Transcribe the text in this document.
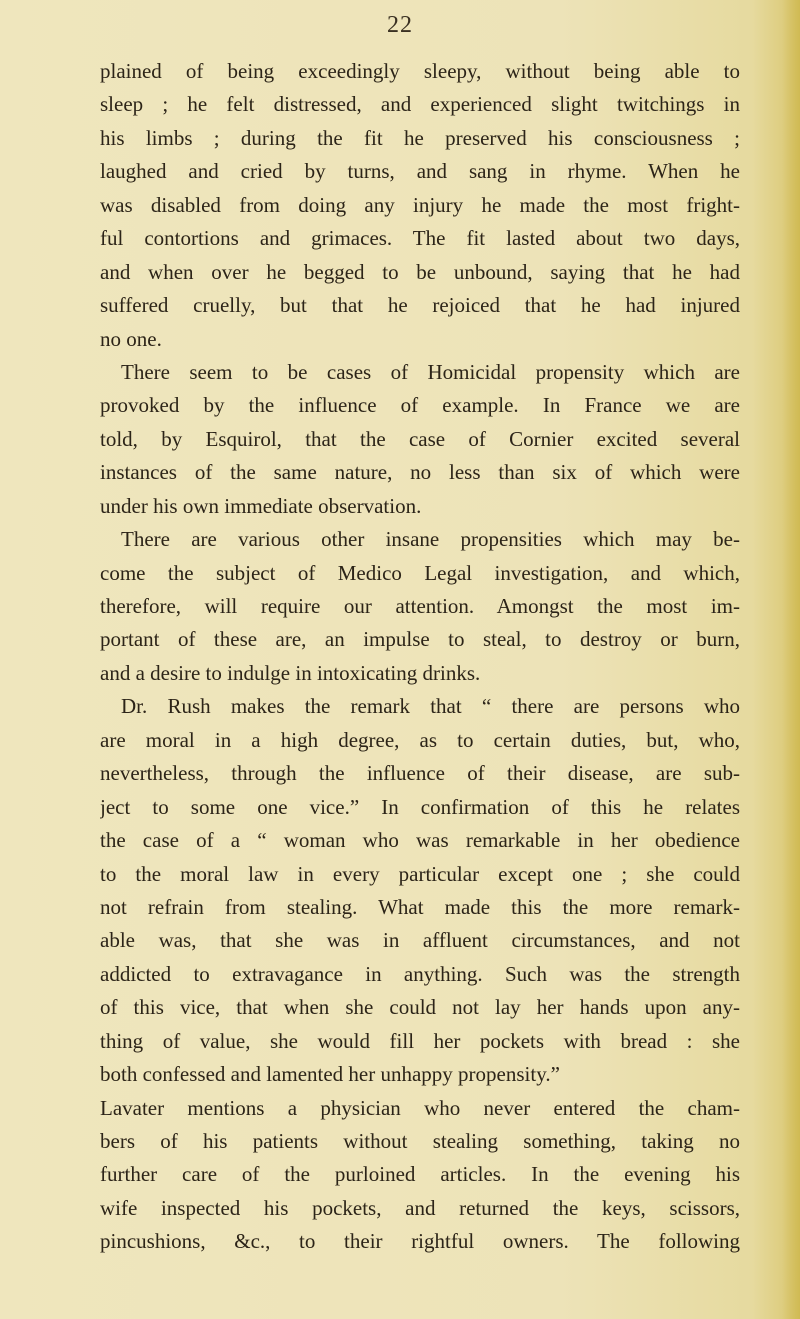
22
plained of being exceedingly sleepy, without being able to
sleep ; he felt distressed, and experienced slight twitchings in
his limbs ; during the fit he preserved his consciousness ;
laughed and cried by turns, and sang in rhyme. When he
was disabled from doing any injury he made the most fright-
ful contortions and grimaces. The fit lasted about two days,
and when over he begged to be unbound, saying that he had
suffered cruelly, but that he rejoiced that he had injured
no one.
There seem to be cases of Homicidal propensity which are
provoked by the influence of example. In France we are
told, by Esquirol, that the case of Cornier excited several
instances of the same nature, no less than six of which were
under his own immediate observation.
There are various other insane propensities which may be-
come the subject of Medico Legal investigation, and which,
therefore, will require our attention. Amongst the most im-
portant of these are, an impulse to steal, to destroy or burn,
and a desire to indulge in intoxicating drinks.
Dr. Rush makes the remark that “ there are persons who
are moral in a high degree, as to certain duties, but, who,
nevertheless, through the influence of their disease, are sub-
ject to some one vice.” In confirmation of this he relates
the case of a “ woman who was remarkable in her obedience
to the moral law in every particular except one ; she could
not refrain from stealing. What made this the more remark-
able was, that she was in affluent circumstances, and not
addicted to extravagance in anything. Such was the strength
of this vice, that when she could not lay her hands upon any-
thing of value, she would fill her pockets with bread : she
both confessed and lamented her unhappy propensity.”
Lavater mentions a physician who never entered the cham-
bers of his patients without stealing something, taking no
further care of the purloined articles. In the evening his
wife inspected his pockets, and returned the keys, scissors,
pincushions, &c., to their rightful owners. The following
